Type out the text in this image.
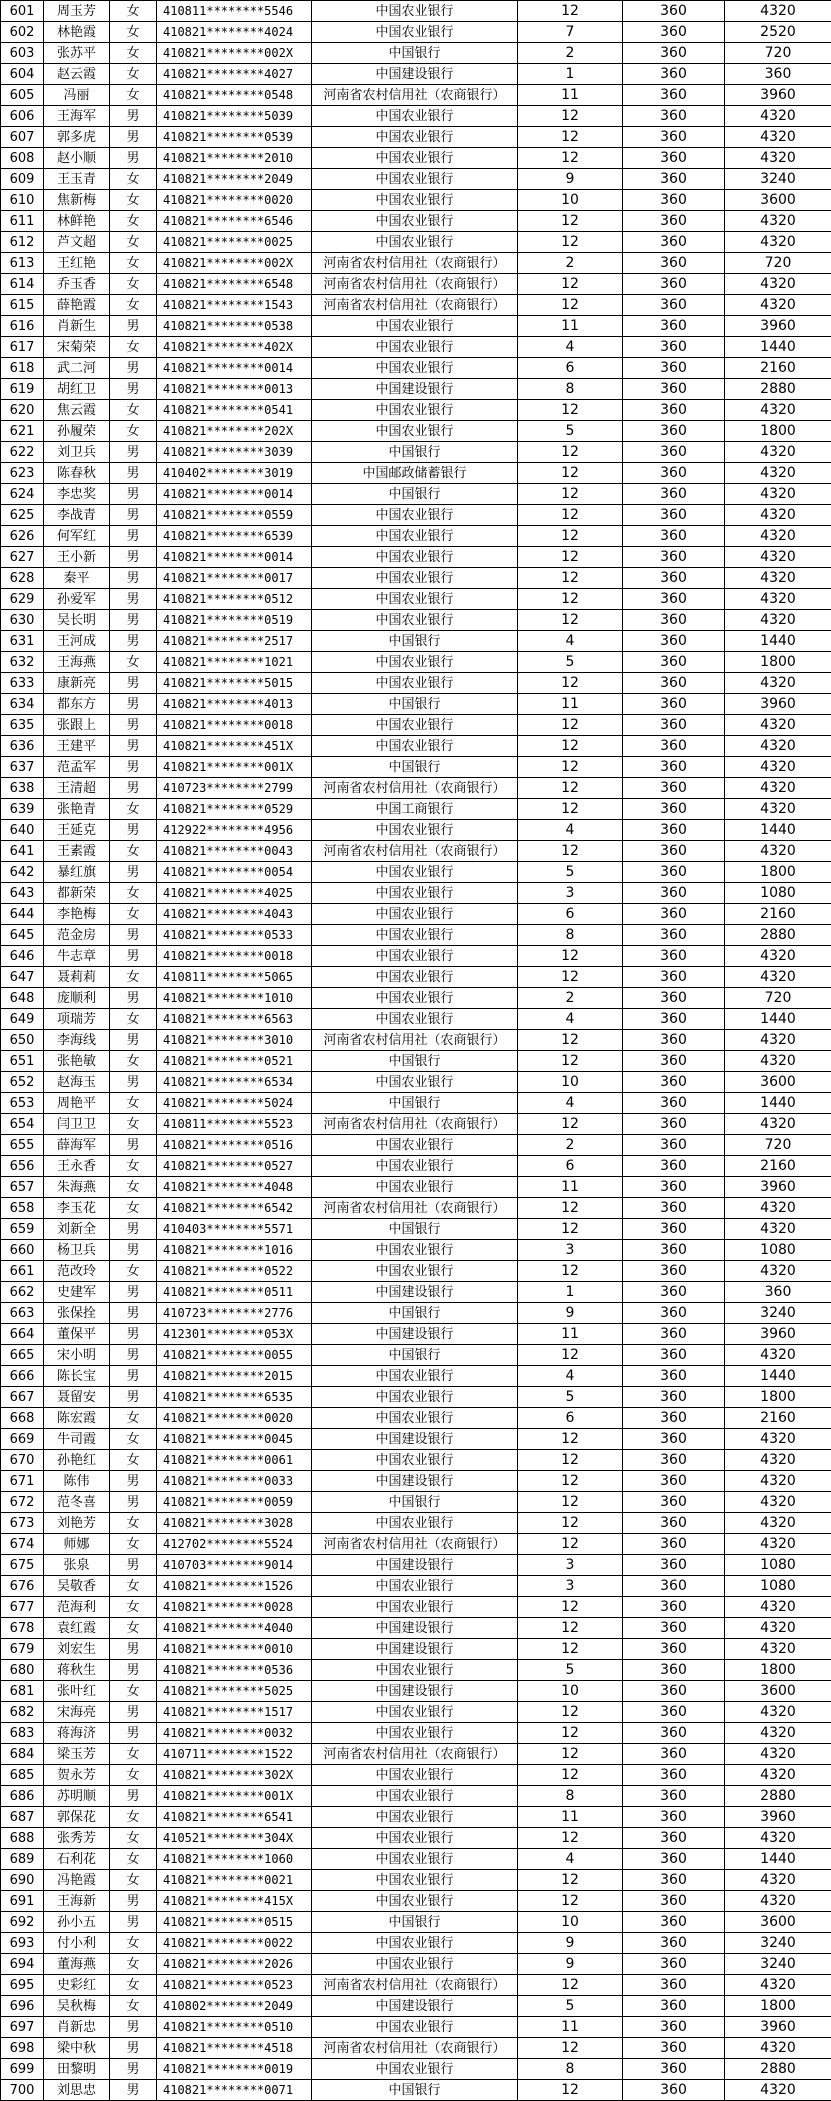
601	周玉芳	女	410811********5546	中国农业银行	12	360	4320
602	林艳霞	女	410821********4024	中国农业银行	7	360	2520
603	张苏平	女	410821********002X	中国银行	2	360	720
604	赵云霞	女	410821********4027	中国建设银行	1	360	360
605	冯丽	女	410821********0548	河南省农村信用社（农商银行）	11	360	3960
606	王海军	男	410821********5039	中国农业银行	12	360	4320
607	郭多虎	男	410821********0539	中国农业银行	12	360	4320
608	赵小顺	男	410821********2010	中国农业银行	12	360	4320
609	王玉青	女	410821********2049	中国农业银行	9	360	3240
610	焦新梅	女	410821********0020	中国农业银行	10	360	3600
611	林鲜艳	女	410821********6546	中国农业银行	12	360	4320
612	芦文超	女	410821********0025	中国农业银行	12	360	4320
613	王红艳	女	410821********002X	河南省农村信用社（农商银行）	2	360	720
614	乔玉香	女	410821********6548	河南省农村信用社（农商银行）	12	360	4320
615	薛艳霞	女	410821********1543	河南省农村信用社（农商银行）	12	360	4320
616	肖新生	男	410821********0538	中国农业银行	11	360	3960
617	宋菊荣	女	410821********402X	中国农业银行	4	360	1440
618	武二河	男	410821********0014	中国农业银行	6	360	2160
619	胡红卫	男	410821********0013	中国建设银行	8	360	2880
620	焦云霞	女	410821********0541	中国农业银行	12	360	4320
621	孙履荣	女	410821********202X	中国农业银行	5	360	1800
622	刘卫兵	男	410821********3039	中国银行	12	360	4320
623	陈春秋	男	410402********3019	中国邮政储蓄银行	12	360	4320
624	李忠奖	男	410821********0014	中国银行	12	360	4320
625	李战青	男	410821********0559	中国农业银行	12	360	4320
626	何军红	男	410821********6539	中国农业银行	12	360	4320
627	王小新	男	410821********0014	中国农业银行	12	360	4320
628	秦平	男	410821********0017	中国农业银行	12	360	4320
629	孙爱军	男	410821********0512	中国农业银行	12	360	4320
630	吴长明	男	410821********0519	中国农业银行	12	360	4320
631	王河成	男	410821********2517	中国银行	4	360	1440
632	王海燕	女	410821********1021	中国农业银行	5	360	1800
633	康新亮	男	410821********5015	中国农业银行	12	360	4320
634	都东方	男	410821********4013	中国银行	11	360	3960
635	张跟上	男	410821********0018	中国农业银行	12	360	4320
636	王建平	男	410821********451X	中国农业银行	12	360	4320
637	范孟军	男	410821********001X	中国银行	12	360	4320
638	王清超	男	410723********2799	河南省农村信用社（农商银行）	12	360	4320
639	张艳青	女	410821********0529	中国工商银行	12	360	4320
640	王延克	男	412922********4956	中国农业银行	4	360	1440
641	王素霞	女	410821********0043	河南省农村信用社（农商银行）	12	360	4320
642	暴红旗	男	410821********0054	中国农业银行	5	360	1800
643	都新荣	女	410821********4025	中国农业银行	3	360	1080
644	李艳梅	女	410821********4043	中国农业银行	6	360	2160
645	范金房	男	410821********0533	中国农业银行	8	360	2880
646	牛志章	男	410821********0018	中国农业银行	12	360	4320
647	聂莉莉	女	410811********5065	中国农业银行	12	360	4320
648	庞顺利	男	410821********1010	中国农业银行	2	360	720
649	项瑞芳	女	410821********6563	中国农业银行	4	360	1440
650	李海线	男	410821********3010	河南省农村信用社（农商银行）	12	360	4320
651	张艳敏	女	410821********0521	中国银行	12	360	4320
652	赵海玉	男	410821********6534	中国农业银行	10	360	3600
653	周艳平	女	410821********5024	中国银行	4	360	1440
654	闫卫卫	女	410811********5523	河南省农村信用社（农商银行）	12	360	4320
655	薛海军	男	410821********0516	中国农业银行	2	360	720
656	王永香	女	410821********0527	中国农业银行	6	360	2160
657	朱海燕	女	410821********4048	中国农业银行	11	360	3960
658	李玉花	女	410821********6542	河南省农村信用社（农商银行）	12	360	4320
659	刘新全	男	410403********5571	中国银行	12	360	4320
660	杨卫兵	男	410821********1016	中国农业银行	3	360	1080
661	范改玲	女	410821********0522	中国农业银行	12	360	4320
662	史建军	男	410821********0511	中国建设银行	1	360	360
663	张保拴	男	410723********2776	中国银行	9	360	3240
664	董保平	男	412301********053X	中国建设银行	11	360	3960
665	宋小明	男	410821********0055	中国银行	12	360	4320
666	陈长宝	男	410821********2015	中国农业银行	4	360	1440
667	聂留安	男	410821********6535	中国农业银行	5	360	1800
668	陈宏霞	女	410821********0020	中国农业银行	6	360	2160
669	牛司霞	女	410821********0045	中国建设银行	12	360	4320
670	孙艳红	女	410821********0061	中国农业银行	12	360	4320
671	陈伟	男	410821********0033	中国建设银行	12	360	4320
672	范冬喜	男	410821********0059	中国银行	12	360	4320
673	刘艳芳	女	410821********3028	中国农业银行	12	360	4320
674	师娜	女	412702********5524	河南省农村信用社（农商银行）	12	360	4320
675	张泉	男	410703********9014	中国建设银行	3	360	1080
676	吴敬香	女	410821********1526	中国农业银行	3	360	1080
677	范海利	女	410821********0028	中国农业银行	12	360	4320
678	袁红霞	女	410821********4040	中国建设银行	12	360	4320
679	刘宏生	男	410821********0010	中国建设银行	12	360	4320
680	蒋秋生	男	410821********0536	中国农业银行	5	360	1800
681	张叶红	女	410821********5025	中国建设银行	10	360	3600
682	宋海亮	男	410821********1517	中国农业银行	12	360	4320
683	蒋海济	男	410821********0032	中国农业银行	12	360	4320
684	梁玉芳	女	410711********1522	河南省农村信用社（农商银行）	12	360	4320
685	贺永芳	女	410821********302X	中国农业银行	12	360	4320
686	苏明顺	男	410821********001X	中国农业银行	8	360	2880
687	郭保花	女	410821********6541	中国农业银行	11	360	3960
688	张秀芳	女	410521********304X	中国农业银行	12	360	4320
689	石利花	女	410821********1060	中国农业银行	4	360	1440
690	冯艳霞	女	410821********0021	中国农业银行	12	360	4320
691	王海新	男	410821********415X	中国农业银行	12	360	4320
692	孙小五	男	410821********0515	中国银行	10	360	3600
693	付小利	女	410821********0022	中国农业银行	9	360	3240
694	董海燕	女	410821********2026	中国农业银行	9	360	3240
695	史彩红	女	410821********0523	河南省农村信用社（农商银行）	12	360	4320
696	吴秋梅	女	410802********2049	中国建设银行	5	360	1800
697	肖新忠	男	410821********0510	中国农业银行	11	360	3960
698	梁中秋	男	410821********4518	河南省农村信用社（农商银行）	12	360	4320
699	田黎明	男	410821********0019	中国农业银行	8	360	2880
700	刘思忠	男	410821********0071	中国银行	12	360	4320
